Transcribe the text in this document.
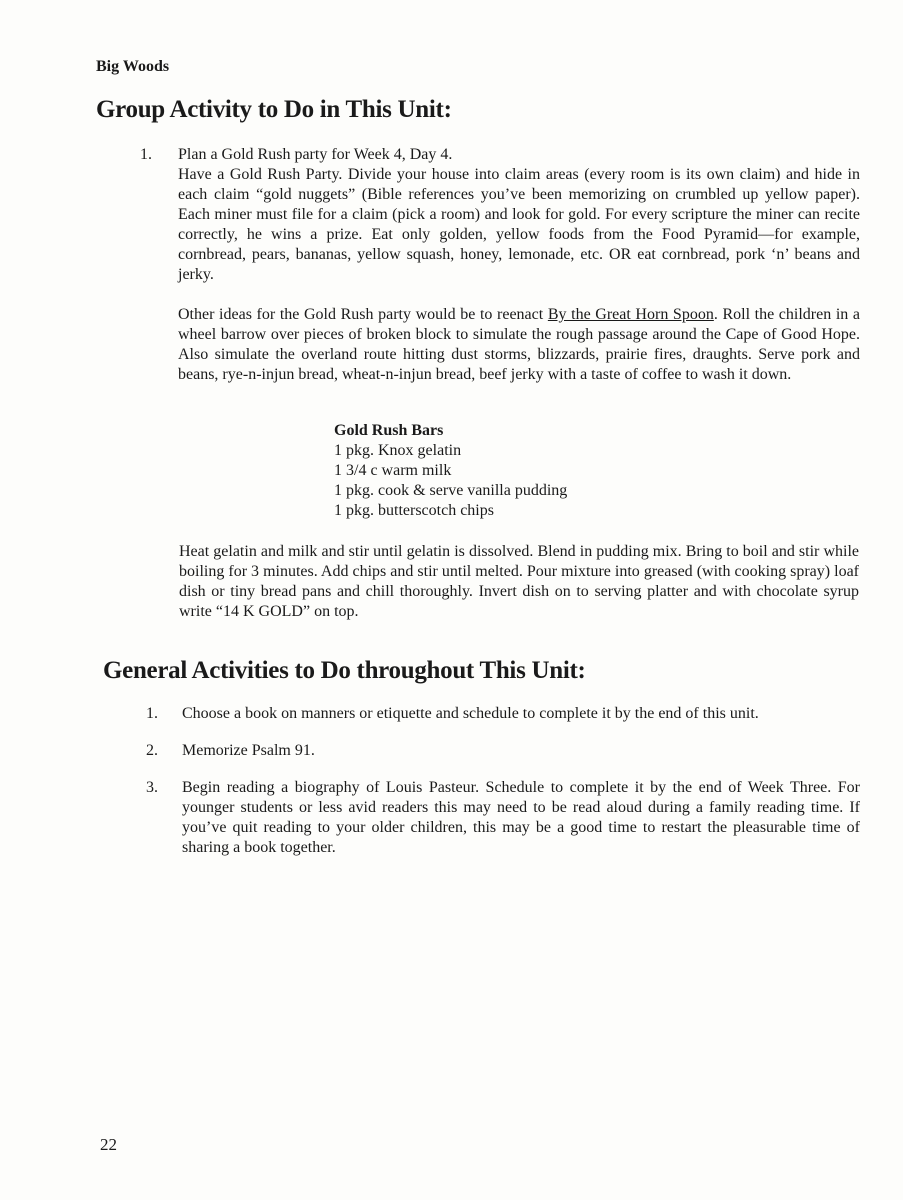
Big Woods
Group Activity to Do in This Unit:
1. Plan a Gold Rush party for Week 4, Day 4.

Have a Gold Rush Party. Divide your house into claim areas (every room is its own claim) and hide in each claim “gold nuggets” (Bible references you’ve been memorizing on crumbled up yellow paper). Each miner must file for a claim (pick a room) and look for gold. For every scripture the miner can recite correctly, he wins a prize. Eat only golden, yellow foods from the Food Pyramid—for example, cornbread, pears, bananas, yellow squash, honey, lemonade, etc. OR eat cornbread, pork ‘n’ beans and jerky.

Other ideas for the Gold Rush party would be to reenact By the Great Horn Spoon. Roll the children in a wheel barrow over pieces of broken block to simulate the rough passage around the Cape of Good Hope. Also simulate the overland route hitting dust storms, blizzards, prairie fires, draughts. Serve pork and beans, rye-n-injun bread, wheat-n-injun bread, beef jerky with a taste of coffee to wash it down.

Gold Rush Bars
1 pkg. Knox gelatin
1 3/4 c warm milk
1 pkg. cook & serve vanilla pudding
1 pkg. butterscotch chips
Heat gelatin and milk and stir until gelatin is dissolved. Blend in pudding mix. Bring to boil and stir while boiling for 3 minutes. Add chips and stir until melted. Pour mixture into greased (with cooking spray) loaf dish or tiny bread pans and chill thoroughly. Invert dish on to serving platter and with chocolate syrup write “14 K GOLD” on top.
General Activities to Do throughout This Unit:
1. Choose a book on manners or etiquette and schedule to complete it by the end of this unit.
2. Memorize Psalm 91.
3. Begin reading a biography of Louis Pasteur. Schedule to complete it by the end of Week Three. For younger students or less avid readers this may need to be read aloud during a family reading time. If you’ve quit reading to your older children, this may be a good time to restart the pleasurable time of sharing a book together.
22
